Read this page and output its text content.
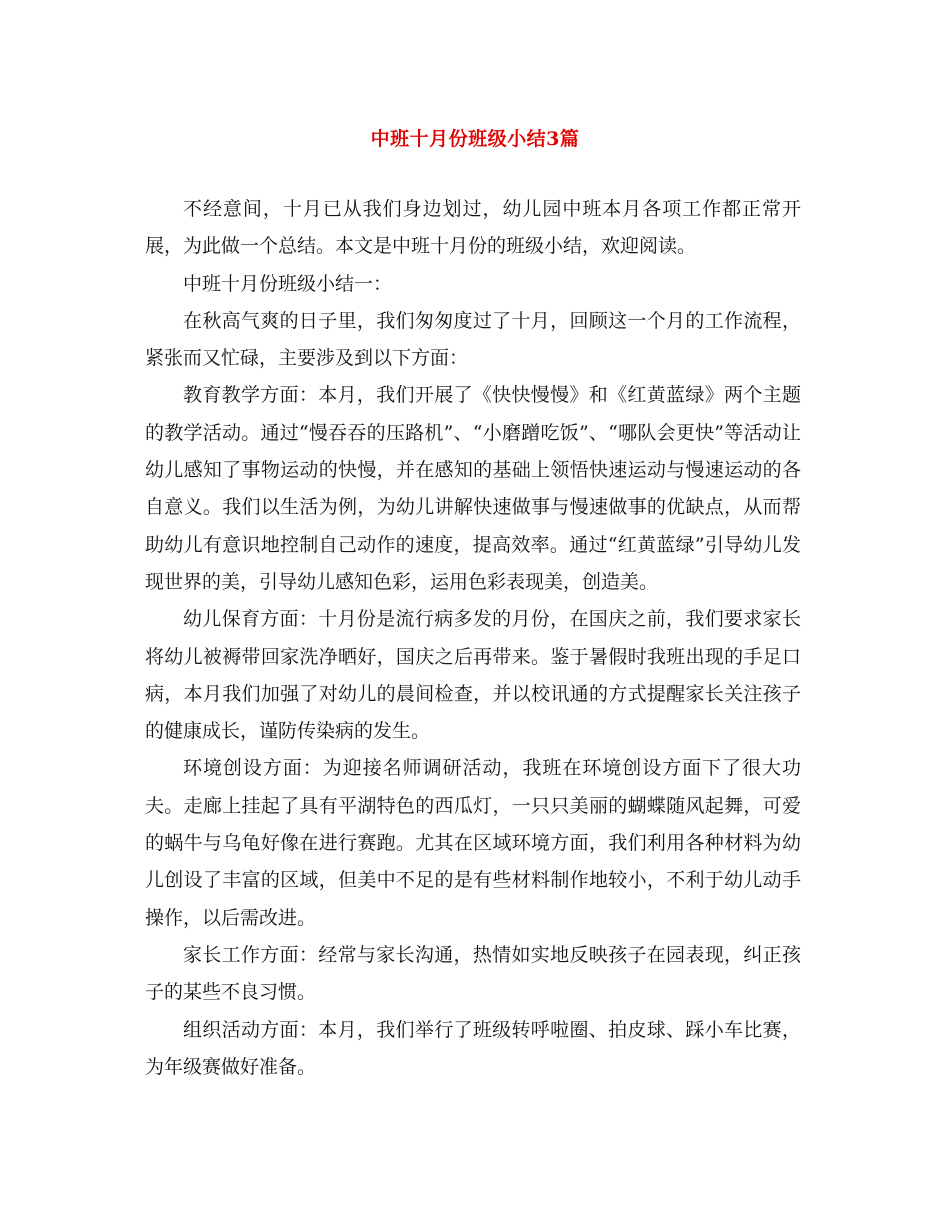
中班十月份班级小结3篇

不经意间，十月已从我们身边划过，幼儿园中班本月各项工作都正常开展，为此做一个总结。本文是中班十月份的班级小结，欢迎阅读。

中班十月份班级小结一：

在秋高气爽的日子里，我们匆匆度过了十月，回顾这一个月的工作流程，紧张而又忙碌，主要涉及到以下方面：

教育教学方面：本月，我们开展了《快快慢慢》和《红黄蓝绿》两个主题的教学活动。通过“慢吞吞的压路机”、“小磨蹭吃饭”、“哪队会更快”等活动让幼儿感知了事物运动的快慢，并在感知的基础上领悟快速运动与慢速运动的各自意义。我们以生活为例，为幼儿讲解快速做事与慢速做事的优缺点，从而帮助幼儿有意识地控制自己动作的速度，提高效率。通过“红黄蓝绿”引导幼儿发现世界的美，引导幼儿感知色彩，运用色彩表现美，创造美。

幼儿保育方面：十月份是流行病多发的月份，在国庆之前，我们要求家长将幼儿被褥带回家洗净晒好，国庆之后再带来。鉴于暑假时我班出现的手足口病，本月我们加强了对幼儿的晨间检查，并以校讯通的方式提醒家长关注孩子的健康成长，谨防传染病的发生。

环境创设方面：为迎接名师调研活动，我班在环境创设方面下了很大功夫。走廊上挂起了具有平湖特色的西瓜灯，一只只美丽的蝴蝶随风起舞，可爱的蜗牛与乌龟好像在进行赛跑。尤其在区域环境方面，我们利用各种材料为幼儿创设了丰富的区域，但美中不足的是有些材料制作地较小，不利于幼儿动手操作，以后需改进。

家长工作方面：经常与家长沟通，热情如实地反映孩子在园表现，纠正孩子的某些不良习惯。

组织活动方面：本月，我们举行了班级转呼啦圈、拍皮球、踩小车比赛，为年级赛做好准备。
